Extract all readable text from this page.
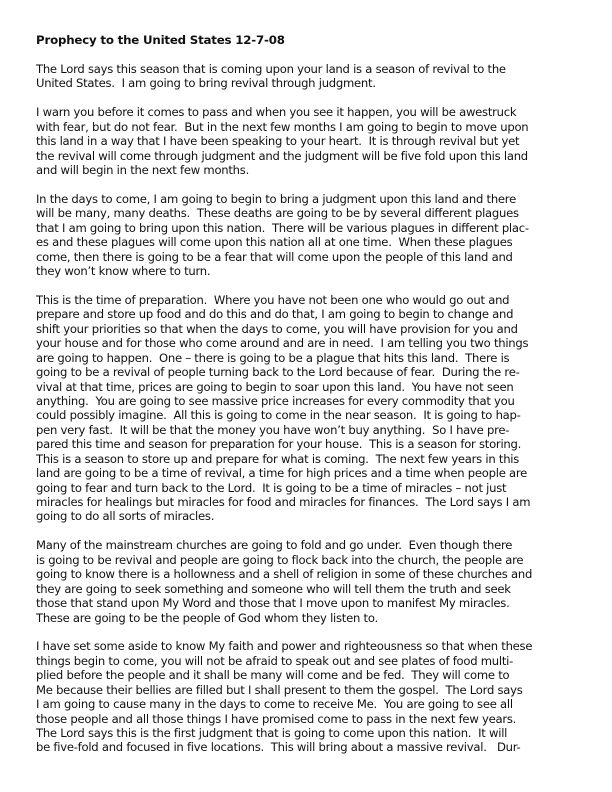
Prophecy to the United States 12-7-08
The Lord says this season that is coming upon your land is a season of revival to the
United States.  I am going to bring revival through judgment.
I warn you before it comes to pass and when you see it happen, you will be awestruck
with fear, but do not fear.  But in the next few months I am going to begin to move upon
this land in a way that I have been speaking to your heart.  It is through revival but yet
the revival will come through judgment and the judgment will be five fold upon this land
and will begin in the next few months.
In the days to come, I am going to begin to bring a judgment upon this land and there
will be many, many deaths.  These deaths are going to be by several different plagues
that I am going to bring upon this nation.  There will be various plagues in different plac-
es and these plagues will come upon this nation all at one time.  When these plagues
come, then there is going to be a fear that will come upon the people of this land and
they won’t know where to turn.
This is the time of preparation.  Where you have not been one who would go out and
prepare and store up food and do this and do that, I am going to begin to change and
shift your priorities so that when the days to come, you will have provision for you and
your house and for those who come around and are in need.  I am telling you two things
are going to happen.  One – there is going to be a plague that hits this land.  There is
going to be a revival of people turning back to the Lord because of fear.  During the re-
vival at that time, prices are going to begin to soar upon this land.  You have not seen
anything.  You are going to see massive price increases for every commodity that you
could possibly imagine.  All this is going to come in the near season.  It is going to hap-
pen very fast.  It will be that the money you have won’t buy anything.  So I have pre-
pared this time and season for preparation for your house.  This is a season for storing.
This is a season to store up and prepare for what is coming.  The next few years in this
land are going to be a time of revival, a time for high prices and a time when people are
going to fear and turn back to the Lord.  It is going to be a time of miracles – not just
miracles for healings but miracles for food and miracles for finances.  The Lord says I am
going to do all sorts of miracles.
Many of the mainstream churches are going to fold and go under.  Even though there
is going to be revival and people are going to flock back into the church, the people are
going to know there is a hollowness and a shell of religion in some of these churches and
they are going to seek something and someone who will tell them the truth and seek
those that stand upon My Word and those that I move upon to manifest My miracles.
These are going to be the people of God whom they listen to.
I have set some aside to know My faith and power and righteousness so that when these
things begin to come, you will not be afraid to speak out and see plates of food multi-
plied before the people and it shall be many will come and be fed.  They will come to
Me because their bellies are filled but I shall present to them the gospel.  The Lord says
I am going to cause many in the days to come to receive Me.  You are going to see all
those people and all those things I have promised come to pass in the next few years.
The Lord says this is the first judgment that is going to come upon this nation.  It will
be five-fold and focused in five locations.  This will bring about a massive revival.   Dur-
